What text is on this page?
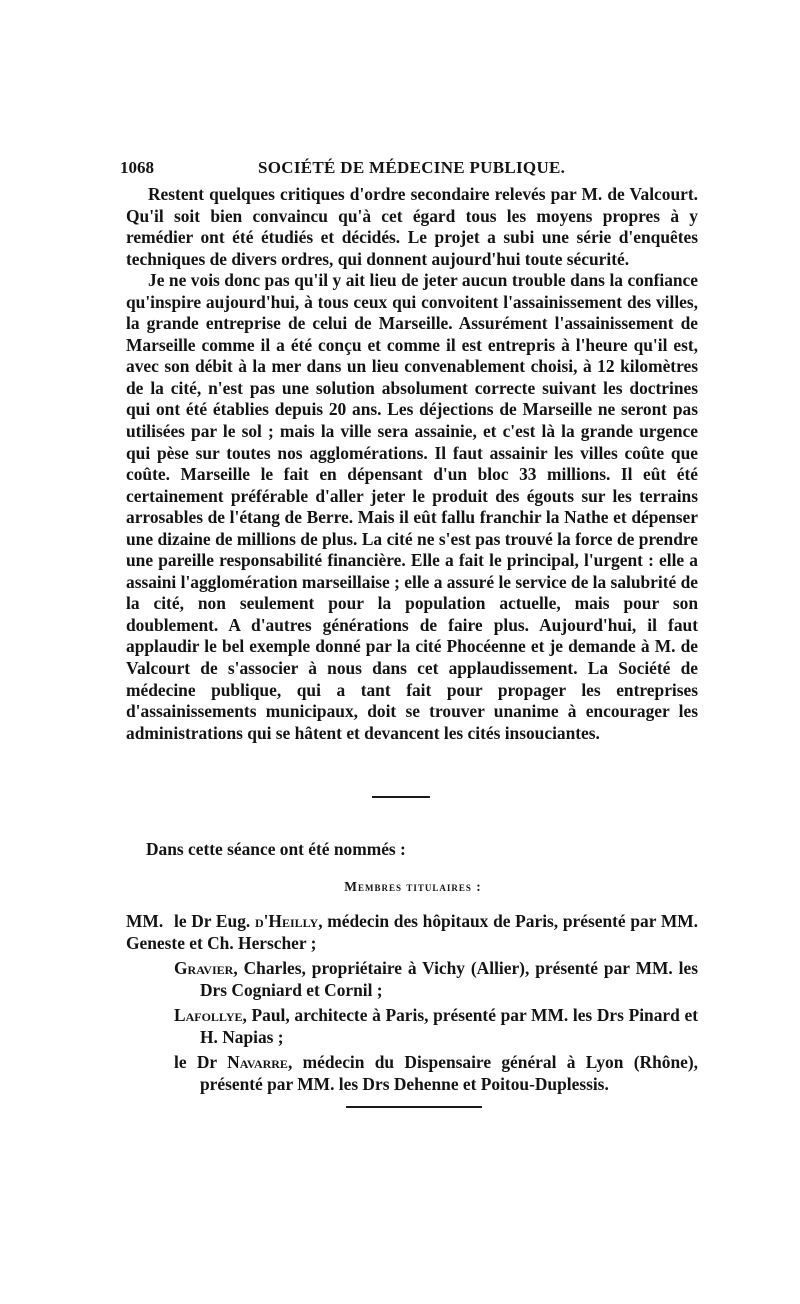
1068	SOCIÉTÉ DE MÉDECINE PUBLIQUE.

Restent quelques critiques d'ordre secondaire relevés par M. de Valcourt. Qu'il soit bien convaincu qu'à cet égard tous les moyens propres à y remédier ont été étudiés et décidés. Le projet a subi une série d'enquêtes techniques de divers ordres, qui donnent aujourd'hui toute sécurité.

Je ne vois donc pas qu'il y ait lieu de jeter aucun trouble dans la confiance qu'inspire aujourd'hui, à tous ceux qui convoitent l'assainissement des villes, la grande entreprise de celui de Marseille. Assurément l'assainissement de Marseille comme il a été conçu et comme il est entrepris à l'heure qu'il est, avec son débit à la mer dans un lieu convenablement choisi, à 12 kilomètres de la cité, n'est pas une solution absolument correcte suivant les doctrines qui ont été établies depuis 20 ans. Les déjections de Marseille ne seront pas utilisées par le sol ; mais la ville sera assainie, et c'est là la grande urgence qui pèse sur toutes nos agglomérations. Il faut assainir les villes coûte que coûte. Marseille le fait en dépensant d'un bloc 33 millions. Il eût été certainement préférable d'aller jeter le produit des égouts sur les terrains arrosables de l'étang de Berre. Mais il eût fallu franchir la Nathe et dépenser une dizaine de millions de plus. La cité ne s'est pas trouvé la force de prendre une pareille responsabilité financière. Elle a fait le principal, l'urgent : elle a assaini l'agglomération marseillaise ; elle a assuré le service de la salubrité de la cité, non seulement pour la population actuelle, mais pour son doublement. A d'autres générations de faire plus. Aujourd'hui, il faut applaudir le bel exemple donné par la cité Phocéenne et je demande à M. de Valcourt de s'associer à nous dans cet applaudissement. La Société de médecine publique, qui a tant fait pour propager les entreprises d'assainissements municipaux, doit se trouver unanime à encourager les administrations qui se hâtent et devancent les cités insouciantes.

Dans cette séance ont été nommés :
Membres titulaires :
MM. le Dr Eug. d'Heilly, médecin des hôpitaux de Paris, présenté par MM. Geneste et Ch. Herscher ;
Gravier, Charles, propriétaire à Vichy (Allier), présenté par MM. les Drs Cogniard et Cornil ;
Lafollye, Paul, architecte à Paris, présenté par MM. les Drs Pinard et H. Napias ;
le Dr Navarre, médecin du Dispensaire général à Lyon (Rhône), présenté par MM. les Drs Dehenne et Poitou-Duplessis.
